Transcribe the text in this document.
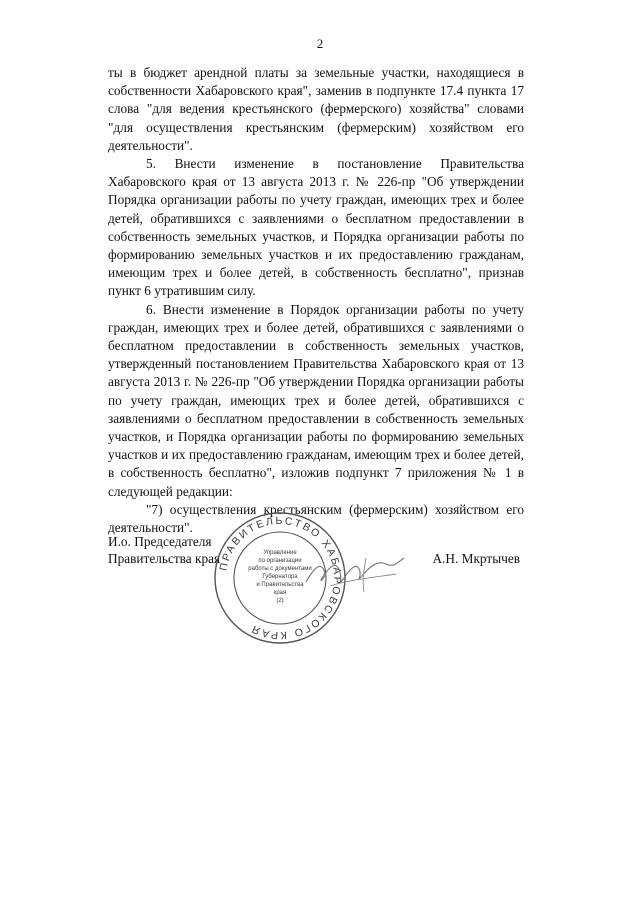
2

ты в бюджет арендной платы за земельные участки, находящиеся в собственности Хабаровского края", заменив в подпункте 17.4 пункта 17 слова "для ведения крестьянского (фермерского) хозяйства" словами "для осуществления крестьянским (фермерским) хозяйством его деятельности".

5. Внести изменение в постановление Правительства Хабаровского края от 13 августа 2013 г. № 226-пр "Об утверждении Порядка организации работы по учету граждан, имеющих трех и более детей, обратившихся с заявлениями о бесплатном предоставлении в собственность земельных участков, и Порядка организации работы по формированию земельных участков и их предоставлению гражданам, имеющим трех и более детей, в собственность бесплатно", признав пункт 6 утратившим силу.

6. Внести изменение в Порядок организации работы по учету граждан, имеющих трех и более детей, обратившихся с заявлениями о бесплатном предоставлении в собственность земельных участков, утвержденный постановлением Правительства Хабаровского края от 13 августа 2013 г. № 226-пр "Об утверждении Порядка организации работы по учету граждан, имеющих трех и более детей, обратившихся с заявлениями о бесплатном предоставлении в собственность земельных участков, и Порядка организации работы по формированию земельных участков и их предоставлению гражданам, имеющим трех и более детей, в собственность бесплатно", изложив подпункт 7 приложения № 1 в следующей редакции:

"7) осуществления крестьянским (фермерским) хозяйством его деятельности".

И.о. Председателя
Правительства края	А.Н. Мкртычев
ПРАВИТЕЛЬСТВО ХАБАРОВСКОГО КРАЯ
Управление
по организации
работы с документами
Губернатора
и Правительства
края
(2)
